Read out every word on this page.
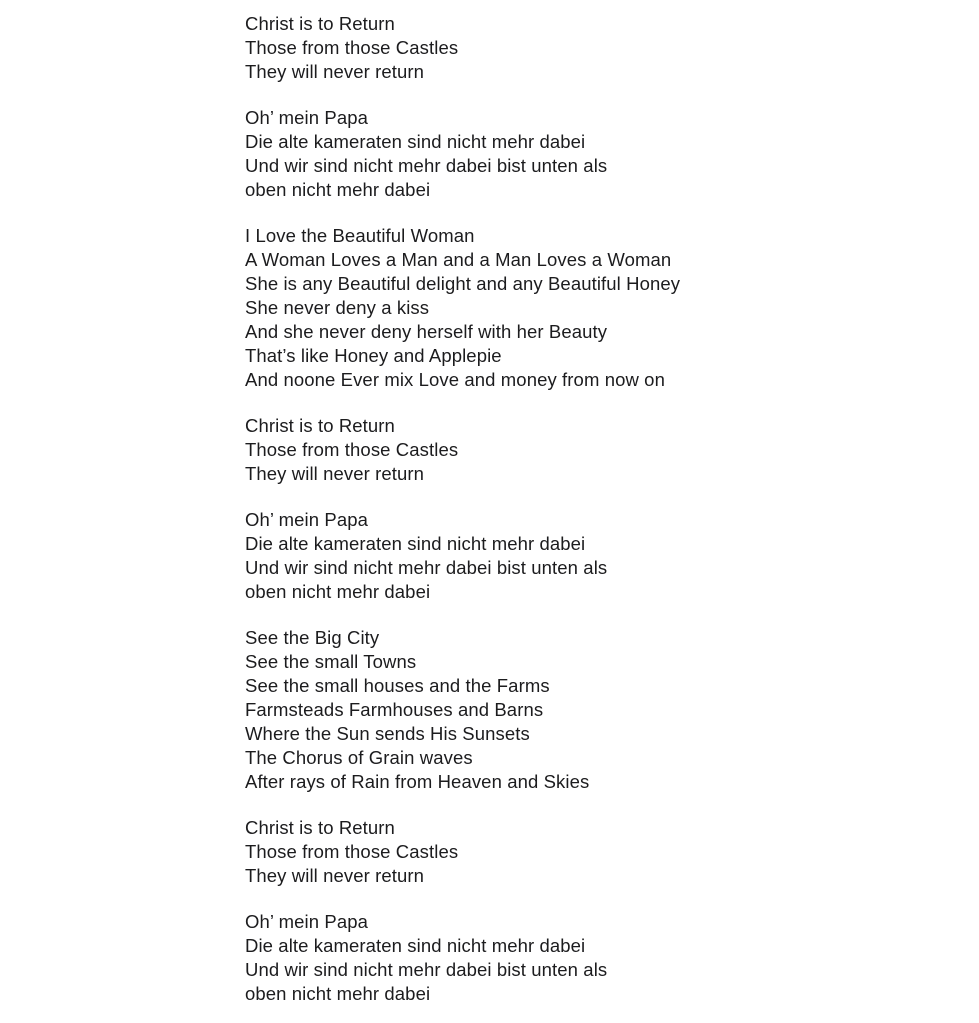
Christ is to Return
Those from those Castles
They will never return
Oh’ mein Papa
Die alte kameraten sind nicht mehr dabei
Und wir sind nicht mehr dabei bist unten als
oben nicht mehr dabei
I Love the Beautiful Woman
A Woman Loves a Man and a Man Loves a Woman
She is any Beautiful delight and any Beautiful Honey
She never deny a kiss
And she never deny herself with her Beauty
That’s like Honey and Applepie
And noone Ever mix Love and money from now on
Christ is to Return
Those from those Castles
They will never return
Oh’ mein Papa
Die alte kameraten sind nicht mehr dabei
Und wir sind nicht mehr dabei bist unten als
oben nicht mehr dabei
See the Big City
See the small Towns
See the small houses and the Farms
Farmsteads Farmhouses and Barns
Where the Sun sends His Sunsets
The Chorus of Grain waves
After rays of Rain from Heaven and Skies
Christ is to Return
Those from those Castles
They will never return
Oh’ mein Papa
Die alte kameraten sind nicht mehr dabei
Und wir sind nicht mehr dabei bist unten als
oben nicht mehr dabei
